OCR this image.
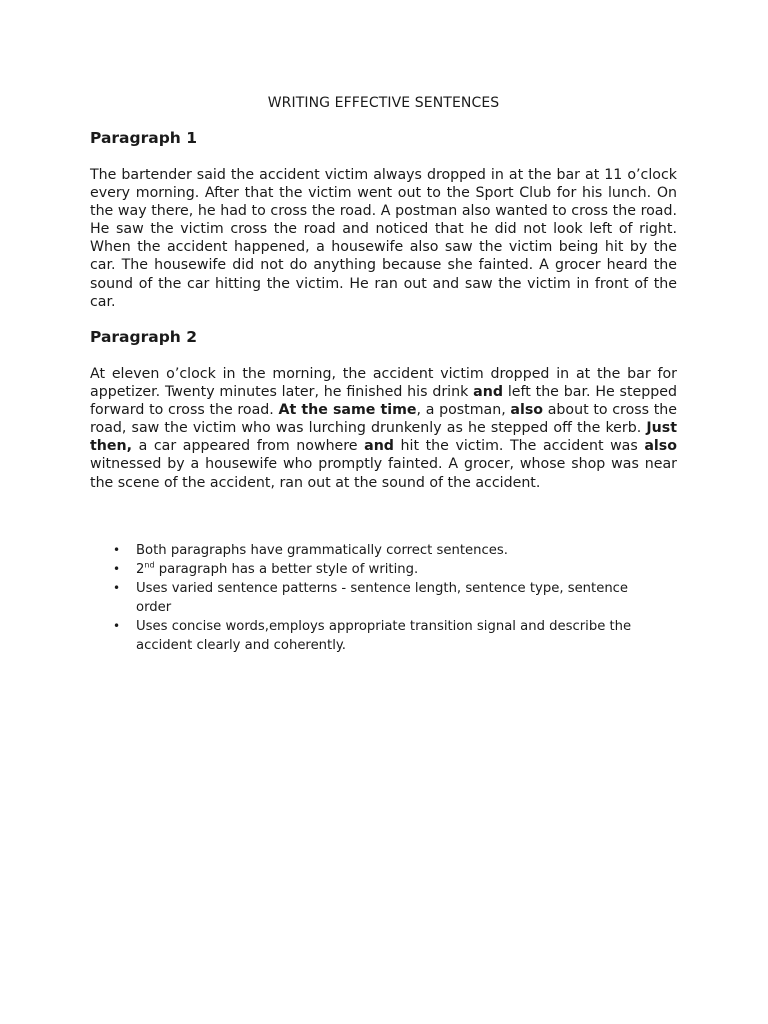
WRITING EFFECTIVE SENTENCES
Paragraph 1

The bartender said the accident victim always dropped in at the bar at 11 o’clock every morning. After that the victim went out to the Sport Club for his lunch. On the way there, he had to cross the road. A postman also wanted to cross the road. He saw the victim cross the road and noticed that he did not look left of right. When the accident happened, a housewife also saw the victim being hit by the car. The housewife did not do anything because she fainted. A grocer heard the sound of the car hitting the victim. He ran out and saw the victim in front of the car.

Paragraph 2

At eleven o’clock in the morning, the accident victim dropped in at the bar for appetizer. Twenty minutes later, he finished his drink and left the bar. He stepped forward to cross the road. At the same time, a postman, also about to cross the road, saw the victim who was lurching drunkenly as he stepped off the kerb. Just then, a car appeared from nowhere and hit the victim. The accident was also witnessed by a housewife who promptly fainted. A grocer, whose shop was near the scene of the accident, ran out at the sound of the accident.

• Both paragraphs have grammatically correct sentences.
• 2nd paragraph has a better style of writing.
• Uses varied sentence patterns - sentence length, sentence type, sentence order
• Uses concise words,employs appropriate transition signal and describe the accident clearly and coherently.
